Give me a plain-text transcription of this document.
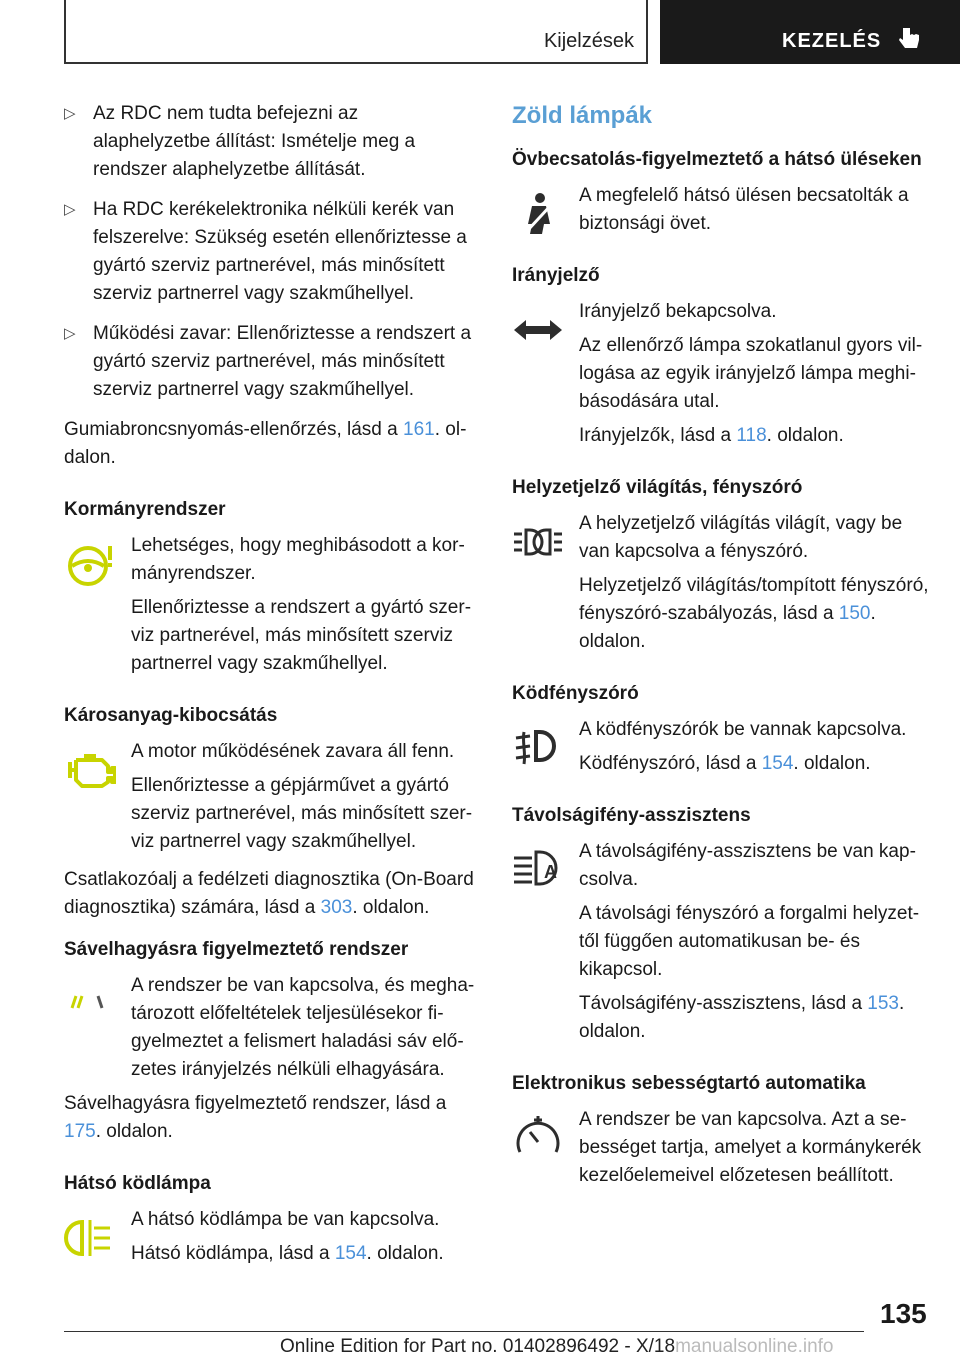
Kijelzések	KEZELÉS
▷ Az RDC nem tudta befejezni az alaphelyzetbe állítást: Ismételje meg a rendszer alaphelyzetbe állítását.
▷ Ha RDC kerékelektronika nélküli kerék van felszerelve: Szükség esetén ellenőriztesse a gyártó szerviz partnerével, más minősített szerviz partnerrel vagy szakműhellyel.
▷ Működési zavar: Ellenőriztesse a rendszert a gyártó szerviz partnerével, más minősített szerviz partnerrel vagy szakműhellyel.

Gumiabroncsnyomás-ellenőrzés, lásd a 161. oldalon.

Kormányrendszer

Lehetséges, hogy meghibásodott a kormányrendszer.

Ellenőriztesse a rendszert a gyártó szerviz partnerével, más minősített szerviz partnerrel vagy szakműhellyel.

Károsanyag-kibocsátás

A motor működésének zavara áll fenn.

Ellenőriztesse a gépjárművet a gyártó szerviz partnerével, más minősített szerviz partnerrel vagy szakműhellyel.

Csatlakozóalj a fedélzeti diagnosztika (On-Board diagnosztika) számára, lásd a 303. oldalon.

Sávelhagyásra figyelmeztető rendszer

A rendszer be van kapcsolva, és meghatározott előfeltételek teljesülésekor figyelmeztet a felismert haladási sáv előzetes irányjelzés nélküli elhagyására.

Sávelhagyásra figyelmeztető rendszer, lásd a 175. oldalon.

Hátsó ködlámpa

A hátsó ködlámpa be van kapcsolva.

Hátsó ködlámpa, lásd a 154. oldalon.

Zöld lámpák
Övbecsatolás-figyelmeztető a hátsó üléseken

A megfelelő hátsó ülésen becsatolták a biztonsági övet.

Irányjelző

Irányjelző bekapcsolva.

Az ellenőrző lámpa szokatlanul gyors villogása az egyik irányjelző lámpa meghibásodására utal.

Irányjelzők, lásd a 118. oldalon.

Helyzetjelző világítás, fényszóró

A helyzetjelző világítás világít, vagy be van kapcsolva a fényszóró.

Helyzetjelző világítás/tompított fényszóró, fényszóró-szabályozás, lásd a 150. oldalon.

Ködfényszóró

A ködfényszórók be vannak kapcsolva.

Ködfényszóró, lásd a 154. oldalon.

Távolságifény-asszisztens
A

A távolságifény-asszisztens be van kapcsolva.

A távolsági fényszóró a forgalmi helyzettől függően automatikusan be- és kikapcsol.

Távolságifény-asszisztens, lásd a 153. oldalon.

Elektronikus sebességtartó automatika

A rendszer be van kapcsolva. Azt a sebességet tartja, amelyet a kormánykerék kezelőelemeivel előzetesen beállított.

135
Online Edition for Part no. 01402896492 - X/18manualsonline.info
